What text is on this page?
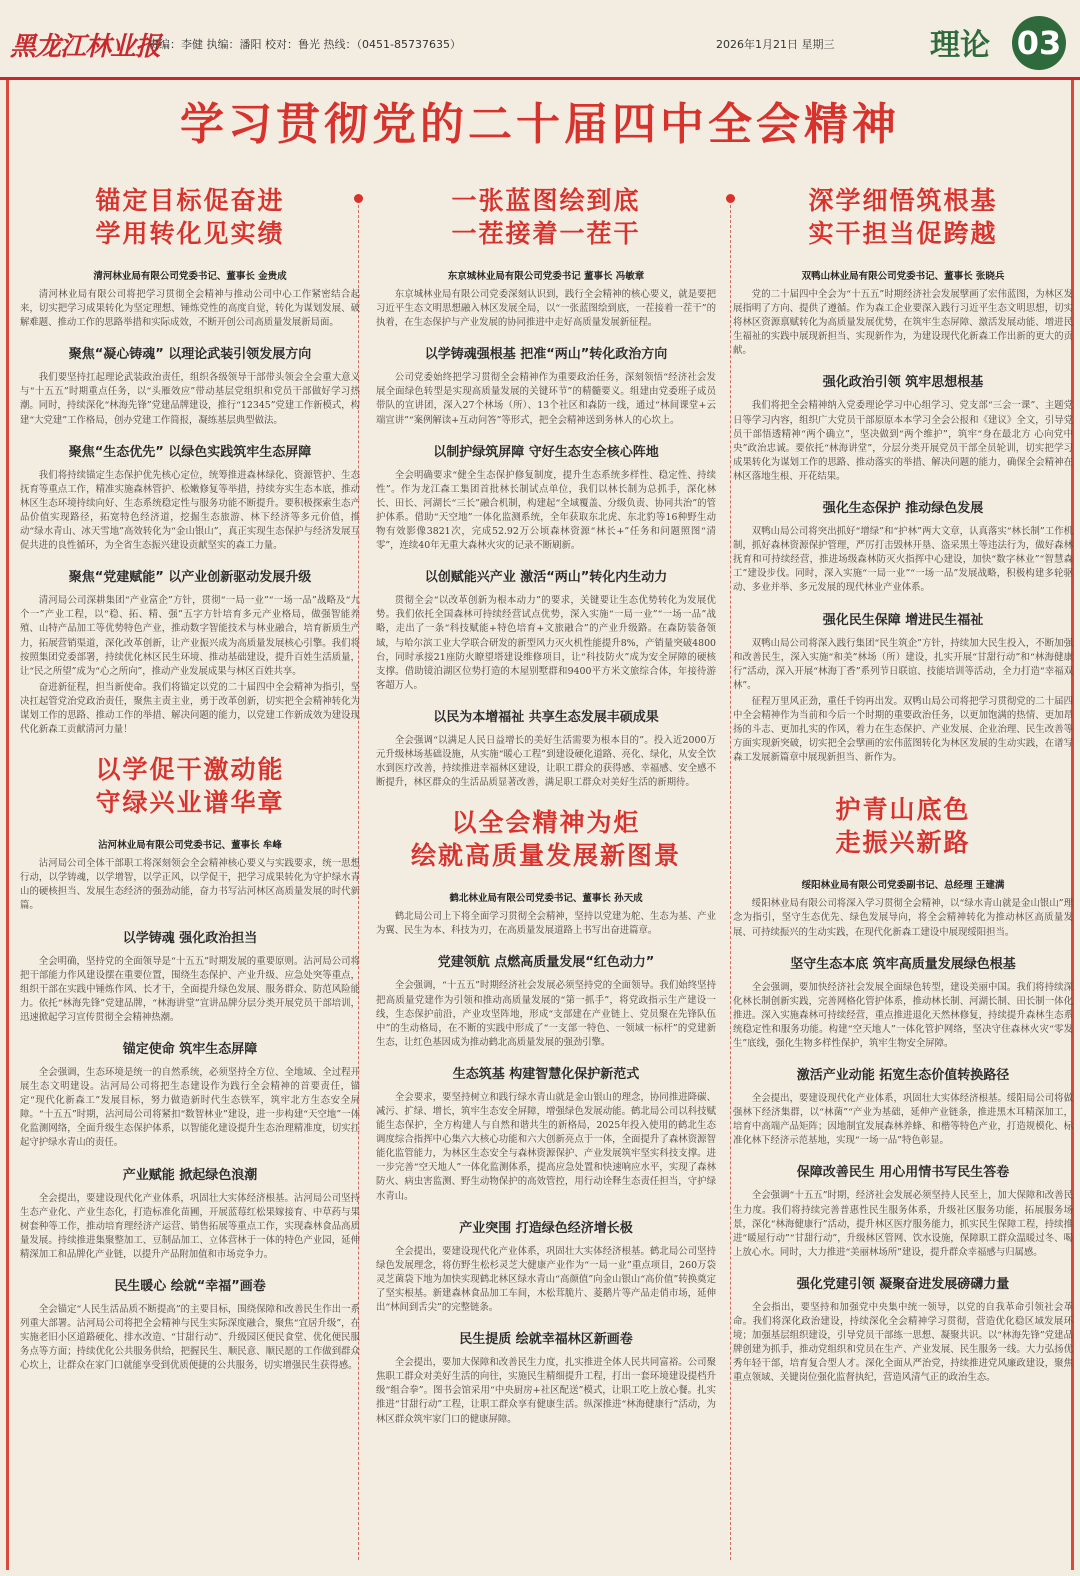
黑龙江林业报
责编：李健 执编：潘阳 校对：鲁光 热线：（0451-85737635）	2026年1月21日 星期三	理论 03
学习贯彻党的二十届四中全会精神
锚定目标促奋进
学用转化见实绩
清河林业局有限公司党委书记、董事长 金贵成

清河林业局有限公司将把学习贯彻全会精神与推动公司中心工作紧密结合起来，切实把学习成果转化为坚定理想、锤炼党性的高度自觉，转化为谋划发展、破解难题、推动工作的思路举措和实际成效，不断开创公司高质量发展新局面。

聚焦“凝心铸魂” 以理论武装引领发展方向

我们要坚持扛起理论武装政治责任，组织各级领导干部带头领会全会重大意义与“十五五”时期重点任务，以“头雁效应”带动基层党组织和党员干部做好学习热潮。同时，持续深化“林海先锋”党建品牌建设，推行“12345”党建工作新模式，构建“大党建”工作格局，创办党建工作简报，凝练基层典型做法。

聚焦“生态优先” 以绿色实践筑牢生态屏障

我们将持续锚定生态保护优先核心定位，统筹推进森林绿化、资源管护、生态抚育等重点工作，精准实施森林管护、松嫩修复等举措，持续夯实生态本底，推动林区生态环境持续向好、生态系统稳定性与服务功能不断提升。要积极探索生态产品价值实现路径，拓宽特色经济道，挖掘生态旅游、林下经济等多元价值，推动“绿水青山、冰天雪地”高效转化为“金山银山”，真正实现生态保护与经济发展互促共进的良性循环，为全省生态振兴建设贡献坚实的森工力量。

聚焦“党建赋能” 以产业创新驱动发展升级

清河局公司深耕集团“产业富企”方针，贯彻“一局一业”“一场一品”战略及“九个一”产业工程，以“稳、拓、精、强”五字方针培育多元产业格局，做强智能养殖、山特产品加工等优势特色产业，推动数字智能技术与林业融合，培育新质生产力，拓展营销渠道，深化改革创新，让产业振兴成为高质量发展核心引擎。我们将按照集团党委部署，持续优化林区民生环境、推动基础建设，提升百姓生活质量，让“民之所望”成为“心之所向”，推动产业发展成果与林区百姓共享。

奋进新征程，担当新使命。我们将锚定以党的二十届四中全会精神为指引，坚决扛起管党治党政治责任，聚焦主责主业，勇于改革创新，切实把全会精神转化为谋划工作的思路、推动工作的举措、解决问题的能力，以党建工作新成效为建设现代化新森工贡献清河力量！

以学促干激动能
守绿兴业谱华章
沾河林业局有限公司党委书记、董事长 牟峰

沾河局公司全体干部职工将深刻领会全会精神核心要义与实践要求，统一思想行动，以学铸魂，以学增智，以学正风，以学促干，把学习成果转化为守护绿水青山的硬核担当、发展生态经济的强劲动能，奋力书写沾河林区高质量发展的时代新篇。

以学铸魂 强化政治担当

全会明确，坚持党的全面领导是“十五五”时期发展的重要原则。沾河局公司将把干部能力作风建设摆在重要位置，围绕生态保护、产业升级、应急处突等重点，组织干部在实践中锤炼作风、长才干，全面提升绿色发展、服务群众、防范风险能力。依托“林海先锋”党建品牌，“林海讲堂”宣讲品牌分层分类开展党员干部培训，迅速掀起学习宣传贯彻全会精神热潮。

锚定使命 筑牢生态屏障

全会强调，生态环境是统一的自然系统，必须坚持全方位、全地域、全过程开展生态文明建设。沾河局公司将把生态建设作为践行全会精神的首要责任，锚定“现代化新森工”发展目标，努力做造新时代生态铁军，筑牢北方生态安全屏障。“十五五”时期，沾河局公司将紧扣“数智林业”建设，进一步构建“天空地”一体化监测网络，全面升级生态保护体系，以智能化建设提升生态治理精准度，切实扛起守护绿水青山的责任。

产业赋能 掀起绿色浪潮

全会提出，要建设现代化产业体系，巩固壮大实体经济根基。沾河局公司坚持生态产业化、产业生态化，打造标准化苗圃，开展蓝莓红松果嫁接育、中草药与果树套种等工作，推动培育理经济产运营、销售拓展等重点工作，实现森林食品高质量发展。持续推进集聚整加工、豆制品加工、立体营林于一体的特色产业园，延伸精深加工和品牌化产业链，以提升产品附加值和市场竞争力。

民生暖心 绘就“幸福”画卷

全会锚定“人民生活品质不断提高”的主要目标，围绕保障和改善民生作出一系列重大部署。沾河局公司将把全会精神与民生实际深度融合，聚焦“宜居升级”，在实施老旧小区道路硬化、排水改造、“甘甜行动”、升级园区便民食堂、优化便民服务点等方面；持续优化公共服务供给，把握民生、顺民意、顺民愿的工作做到群众心坎上，让群众在家门口就能享受到优质便捷的公共服务，切实增强民生获得感。

一张蓝图绘到底
一茬接着一茬干
东京城林业局有限公司党委书记 董事长 冯敏章

东京城林业局有限公司党委深刻认识到，践行全会精神的核心要义，就是要把习近平生态文明思想融入林区发展全局，以“一张蓝图绘到底，一茬接着一茬干”的执着，在生态保护与产业发展的协同推进中走好高质量发展新征程。

以学铸魂强根基 把准“两山”转化政治方向

公司党委始终把学习贯彻全会精神作为重要政治任务，深刻领悟“经济社会发展全面绿色转型是实现高质量发展的关键环节”的精髓要义。组建由党委班子成员带队的宣讲团，深入27个林场（所）、13个社区和森防一线，通过“林间课堂+云端宣讲”“案例解读+互动问答”等形式，把全会精神送到务林人的心坎上。

以制护绿筑屏障 守好生态安全核心阵地

全会明确要求“健全生态保护修复制度，提升生态系统多样性、稳定性、持续性”。作为龙江森工集团首批林长制试点单位，我们以林长制为总抓手，深化林长、田长、河湖长“三长”融合机制，构建起“全域覆盖、分级负责、协同共治”的管护体系。借助“天空地”一体化监测系统，全年获取东北虎、东北豹等16种野生动物有效影像3821次，完成52.92万公顷森林资源“林长+”任务和问题照图“清零”，连续40年无重大森林火灾的记录不断刷新。

以创赋能兴产业 激活“两山”转化内生动力

贯彻全会“以改革创新为根本动力”的要求，关键要让生态优势转化为发展优势。我们依托全国森林可持续经营试点优势，深入实施“一局一业”“一场一品”战略，走出了一条“科技赋能+特色培育+文旅融合”的产业升级路。在森防装备领域，与哈尔滨工业大学联合研发的新型风力灭火机性能提升8%，产销量突破4800台，同时承接21座防火瞭望塔建设维修项目，让“科技防火”成为安全屏障的硬核支撑。借助镜泊湖区位势打造的木屋别墅群和9400平方米文旅综合体，年接待游客超万人。

以民为本增福祉 共享生态发展丰硕成果

全会强调“以满足人民日益增长的美好生活需要为根本目的”。投入近2000万元升级林场基础设施，从实施“暖心工程”到建设硬化道路、亮化、绿化，从安全饮水到医疗改善，持续推进幸福林区建设，让职工群众的获得感、幸福感、安全感不断提升，林区群众的生活品质显著改善，满足职工群众对美好生活的新期待。

以全会精神为炬
绘就高质量发展新图景
鹤北林业局有限公司党委书记、董事长 孙天成

鹤北局公司上下将全面学习贯彻全会精神，坚持以党建为舵、生态为基、产业为翼、民生为本、科技为刃，在高质量发展道路上书写出奋进篇章。

党建领航 点燃高质量发展“红色动力”

全会强调，“十五五”时期经济社会发展必须坚持党的全面领导。我们始终坚持把高质量党建作为引领和推动高质量发展的“第一抓手”，将党政指示生产建设一线，生态保护前沿，产业攻坚阵地，形成“支部建在产业链上、党员聚在先锋队伍中”的生动格局，在不断的实践中形成了“一支部一特色、一领域一标杆”的党建新生态，让红色基因成为推动鹤北高质量发展的强劲引擎。

生态筑基 构建智慧化保护新范式

全会要求，要坚持树立和践行绿水青山就是金山银山的理念，协同推进降碳、减污、扩绿、增长，筑牢生态安全屏障，增强绿色发展动能。鹤北局公司以科技赋能生态保护，全方构建人与自然和谐共生的新格局，2025年投入使用的鹤北生态调度综合指挥中心集六大核心功能和六大创新亮点于一体，全面提升了森林资源智能化监管能力，为林区生态安全与森林资源保护、产业发展筑牢坚实科技支撑。进一步完善“空天地人”一体化监测体系，提高应急处置和快速响应水平，实现了森林防火、病虫害监测、野生动物保护的高效管控，用行动诠释生态责任担当，守护绿水青山。

产业突围 打造绿色经济增长极

全会提出，要建设现代化产业体系，巩固壮大实体经济根基。鹤北局公司坚持绿色发展理念，将仿野生松杉灵芝大健康产业作为“一局一业”重点项目，260万袋灵芝菌袋下地为加快实现鹤北林区绿水青山“高颜值”向金山银山“高价值”转换奠定了坚实根基。新建森林食品加工车间，木松茸脆片、菱鹅片等产品走俏市场，延伸出“林间到舌尖”的完整链条。

民生提质 绘就幸福林区新画卷

全会提出，要加大保障和改善民生力度，扎实推进全体人民共同富裕。公司聚焦职工群众对美好生活的向往，实施民生精细提升工程，打出一套环境建设提档升级“组合拳”。图书会馆采用“中央厨房+社区配送”模式，让职工吃上放心餐。扎实推进“甘甜行动”工程，让职工群众享有健康生活。纵深推进“林海健康行”活动，为林区群众筑牢家门口的健康屏障。

深学细悟筑根基
实干担当促跨越
双鸭山林业局有限公司党委书记、董事长 张晓兵

党的二十届四中全会为“十五五”时期经济社会发展擘画了宏伟蓝图，为林区发展指明了方向、提供了遵循。作为森工企业要深入践行习近平生态文明思想，切实将林区资源禀赋转化为高质量发展优势，在筑牢生态屏障、激活发展动能、增进民生福祉的实践中展现新担当、实现新作为，为建设现代化新森工作出新的更大的贡献。

强化政治引领 筑牢思想根基

我们将把全会精神纳入党委理论学习中心组学习、党支部“三会一课”、主题党日等学习内容，组织广大党员干部原原本本学习全会公报和《建议》全文，引导党员干部悟透精神“两个确立”，坚决做到“两个维护”，筑牢“身在最北方 心向党中央”政治忠诚。要依托“林海讲堂”，分层分类开展党员干部全员轮训，切实把学习成果转化为谋划工作的思路、推动落实的举措、解决问题的能力，确保全会精神在林区落地生根、开花结果。

强化生态保护 推动绿色发展

双鸭山局公司将突出抓好“增绿”和“护林”两大文章，认真落实“林长制”工作机制，抓好森林资源保护管理，严厉打击毁林开垦、盗采黑土等违法行为，做好森林抚育和可持续经营，推进场级森林防灭火指挥中心建设，加快“数字林业”“智慧森工”建设步伐。同时，深入实施“一局一业”“一场一品”发展战略，积极构建多轮驱动、多业并举、多元发展的现代林业产业体系。

强化民生保障 增进民生福祉

双鸭山局公司将深入践行集团“民生筑企”方针，持续加大民生投入，不断加强和改善民生，深入实施“和美”林场（所）建设，扎实开展“甘甜行动”和“林海健康行”活动，深入开展“林海丁香”系列节日联谊、技能培训等活动，全力打造“幸福双林”。

征程万里风正劲，重任千钧再出发。双鸭山局公司将把学习贯彻党的二十届四中全会精神作为当前和今后一个时期的重要政治任务，以更加饱满的热情、更加昂扬的斗志、更加扎实的作风，着力在生态保护、产业发展、企业治理、民生改善等方面实现新突破，切实把全会擘画的宏伟蓝图转化为林区发展的生动实践，在谱写森工发展新篇章中展现新担当、新作为。

护青山底色
走振兴新路
绥阳林业局有限公司党委副书记、总经理 王建满

绥阳林业局有限公司将深入学习贯彻全会精神，以“绿水青山就是金山银山”理念为指引，坚守生态优先、绿色发展导向，将全会精神转化为推动林区高质量发展、可持续振兴的生动实践，在现代化新森工建设中展现绥阳担当。

坚守生态本底 筑牢高质量发展绿色根基

全会强调，要加快经济社会发展全面绿色转型，建设美丽中国。我们将持续深化林长制创新实践，完善网格化管护体系，推动林长制、河湖长制、田长制一体化推进。深入实施森林可持续经营，重点推进退化天然林修复，持续提升森林生态系统稳定性和服务功能。构建“空天地人”一体化管护网络，坚决守住森林火灾“零发生”底线，强化生物多样性保护，筑牢生物安全屏障。

激活产业动能 拓宽生态价值转换路径

全会提出，要建设现代化产业体系，巩固壮大实体经济根基。绥阳局公司将做强林下经济集群，以“林菌”“产业为基础，延伸产业链条，推进黑木耳精深加工，培育中高端产品矩阵；因地制宜发展森林养蜂、和楷等特色产业，打造规模化、标准化林下经济示范基地，实现“一场一品”特色彰显。

保障改善民生 用心用情书写民生答卷

全会强调“十五五”时期，经济社会发展必须坚持人民至上，加大保障和改善民生力度。我们将持续完善普惠性民生服务体系，升级社区服务功能，拓展服务场景，深化“林海健康行”活动，提升林区医疗服务能力，抓实民生保障工程，持续推进“暖屋行动”“甘甜行动”，升级林区管网、饮水设施，保障职工群众温暖过冬、喝上放心水。同时，大力推进“美丽林场所”建设，提升群众幸福感与归属感。

强化党建引领 凝聚奋进发展磅礴力量

全会指出，要坚持和加强党中央集中统一领导，以党的自我革命引领社会革命。我们将深化政治建设，持续深化全会精神学习贯彻，营造优化稳区域发展环境；加强基层组织建设，引导党员干部练一思想、凝聚共识。以“林海先锋”党建品牌创建为抓手，推动党组织和党员在生产、产业发展、民生服务一线。大力弘扬优秀年轻干部，培育复合型人才。深化全面从严治党，持续推进党风廉政建设，聚焦重点领域、关键岗位强化监督执纪，营造风清气正的政治生态。
